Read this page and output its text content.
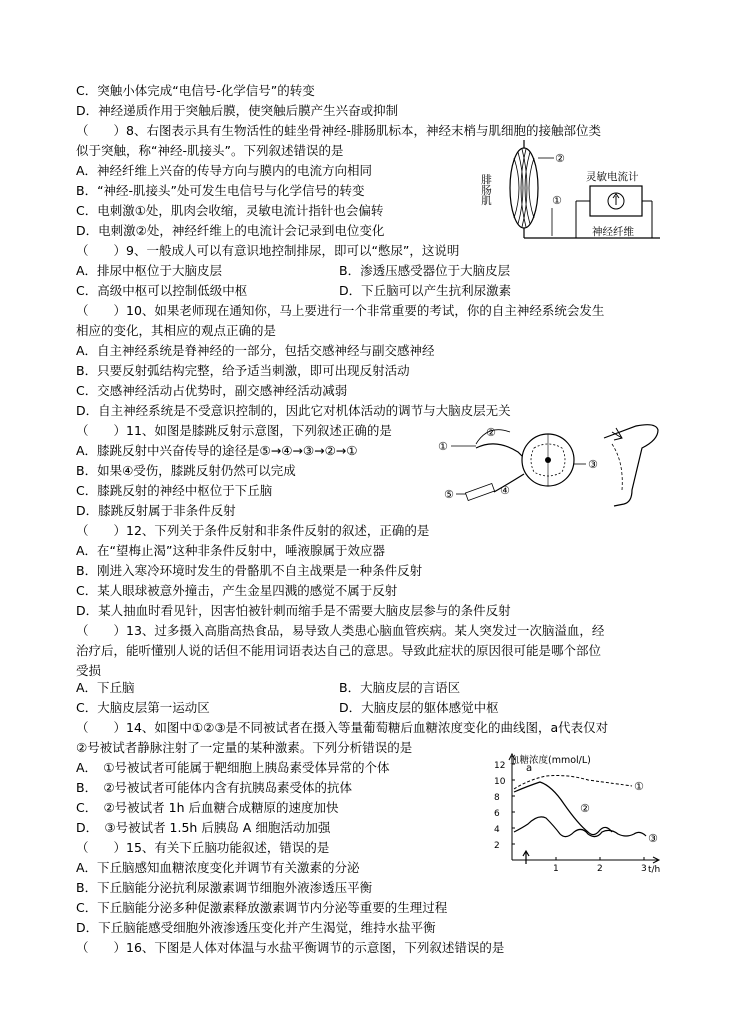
C．突触小体完成“电信号-化学信号”的转变
D．神经递质作用于突触后膜，使突触后膜产生兴奋或抑制
（　　）8、右图表示具有生物活性的蛙坐骨神经-腓肠肌标本，神经末梢与肌细胞的接触部位类
似于突触，称“神经-肌接头”。下列叙述错误的是
A．神经纤维上兴奋的传导方向与膜内的电流方向相同
B．“神经-肌接头”处可发生电信号与化学信号的转变
C．电刺激①处，肌肉会收缩，灵敏电流计指针也会偏转
D．电刺激②处，神经纤维上的电流计会记录到电位变化
（　　）9、一般成人可以有意识地控制排尿，即可以“憋尿”，这说明
（　　）10、如果老师现在通知你，马上要进行一个非常重要的考试，你的自主神经系统会发生
相应的变化，其相应的观点正确的是
A．自主神经系统是脊神经的一部分，包括交感神经与副交感神经
B．只要反射弧结构完整，给予适当刺激，即可出现反射活动
C．交感神经活动占优势时，副交感神经活动减弱
D．自主神经系统是不受意识控制的，因此它对机体活动的调节与大脑皮层无关
（　　）11、如图是膝跳反射示意图，下列叙述正确的是
A．膝跳反射中兴奋传导的途径是⑤→④→③→②→①
B．如果④受伤，膝跳反射仍然可以完成
C．膝跳反射的神经中枢位于下丘脑
D．膝跳反射属于非条件反射
（　　）12、下列关于条件反射和非条件反射的叙述，正确的是
A．在“望梅止渴”这种非条件反射中，唾液腺属于效应器
B．刚进入寒冷环境时发生的骨骼肌不自主战栗是一种条件反射
C．某人眼球被意外撞击，产生金星四溅的感觉不属于反射
D．某人抽血时看见针，因害怕被针刺而缩手是不需要大脑皮层参与的条件反射
（　　）13、过多摄入高脂高热食品，易导致人类患心脑血管疾病。某人突发过一次脑溢血，经
治疗后，能听懂别人说的话但不能用词语表达自己的意思。导致此症状的原因很可能是哪个部位
受损
（　　）14、如图中①②③是不同被试者在摄入等量葡萄糖后血糖浓度变化的曲线图，a代表仅对
②号被试者静脉注射了一定量的某种激素。下列分析错误的是
A．　①号被试者可能属于靶细胞上胰岛素受体异常的个体
B．　②号被试者可能体内含有抗胰岛素受体的抗体
C．　②号被试者 1h 后血糖合成糖原的速度加快
D．　③号被试者 1.5h 后胰岛 A 细胞活动加强
（　　）15、有关下丘脑功能叙述，错误的是
A．下丘脑感知血糖浓度变化并调节有关激素的分泌
B．下丘脑能分泌抗利尿激素调节细胞外液渗透压平衡
C．下丘脑能分泌多种促激素释放激素调节内分泌等重要的生理过程
D．下丘脑能感受细胞外液渗透压变化并产生渴觉，维持水盐平衡
（　　）16、下图是人体对体温与水盐平衡调节的示意图，下列叙述错误的是
A．排尿中枢位于大脑皮层	B．渗透压感受器位于大脑皮层
C．高级中枢可以控制低级中枢	D．下丘脑可以产生抗利尿激素
A．下丘脑	B．大脑皮层的言语区
C．大脑皮层第一运动区	D．大脑皮层的躯体感觉中枢
②
①
腓肠肌	灵敏电流计
神经纤维
①
②
③
④
⑤
血糖浓度(mmol/L)
t/h
12
10
8
6
4
2
1	2	3
①
②
③
a
